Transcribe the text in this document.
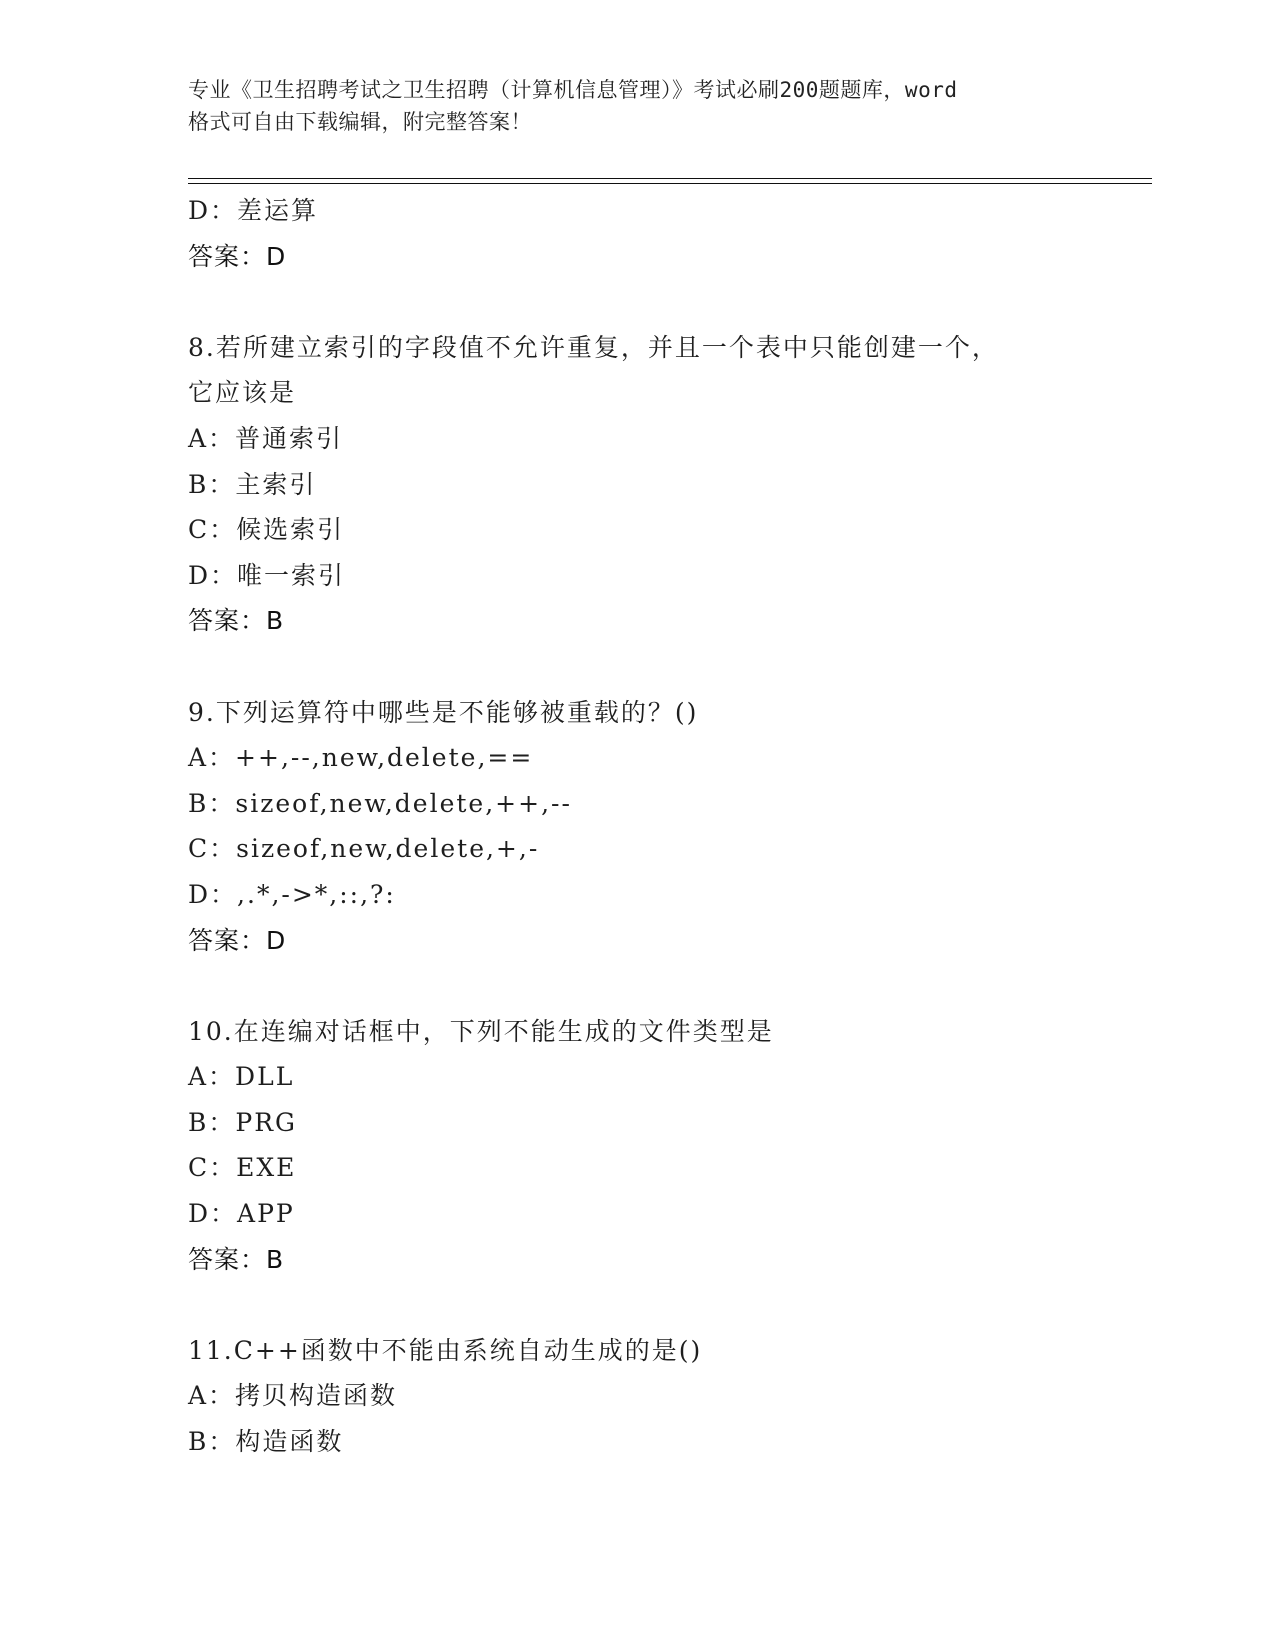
专业《卫生招聘考试之卫生招聘（计算机信息管理）》考试必刷200题题库，word
格式可自由下载编辑，附完整答案！
D：差运算
答案：D
8.若所建立索引的字段值不允许重复，并且一个表中只能创建一个，
它应该是
A：普通索引
B：主索引
C：候选索引
D：唯一索引
答案：B
9.下列运算符中哪些是不能够被重载的？()
A：++,--,new,delete,==
B：sizeof,new,delete,++,--
C：sizeof,new,delete,+,-
D：,.*,->*,::,?:
答案：D
10.在连编对话框中，下列不能生成的文件类型是
A：DLL
B：PRG
C：EXE
D：APP
答案：B
11.C++函数中不能由系统自动生成的是()
A：拷贝构造函数
B：构造函数
